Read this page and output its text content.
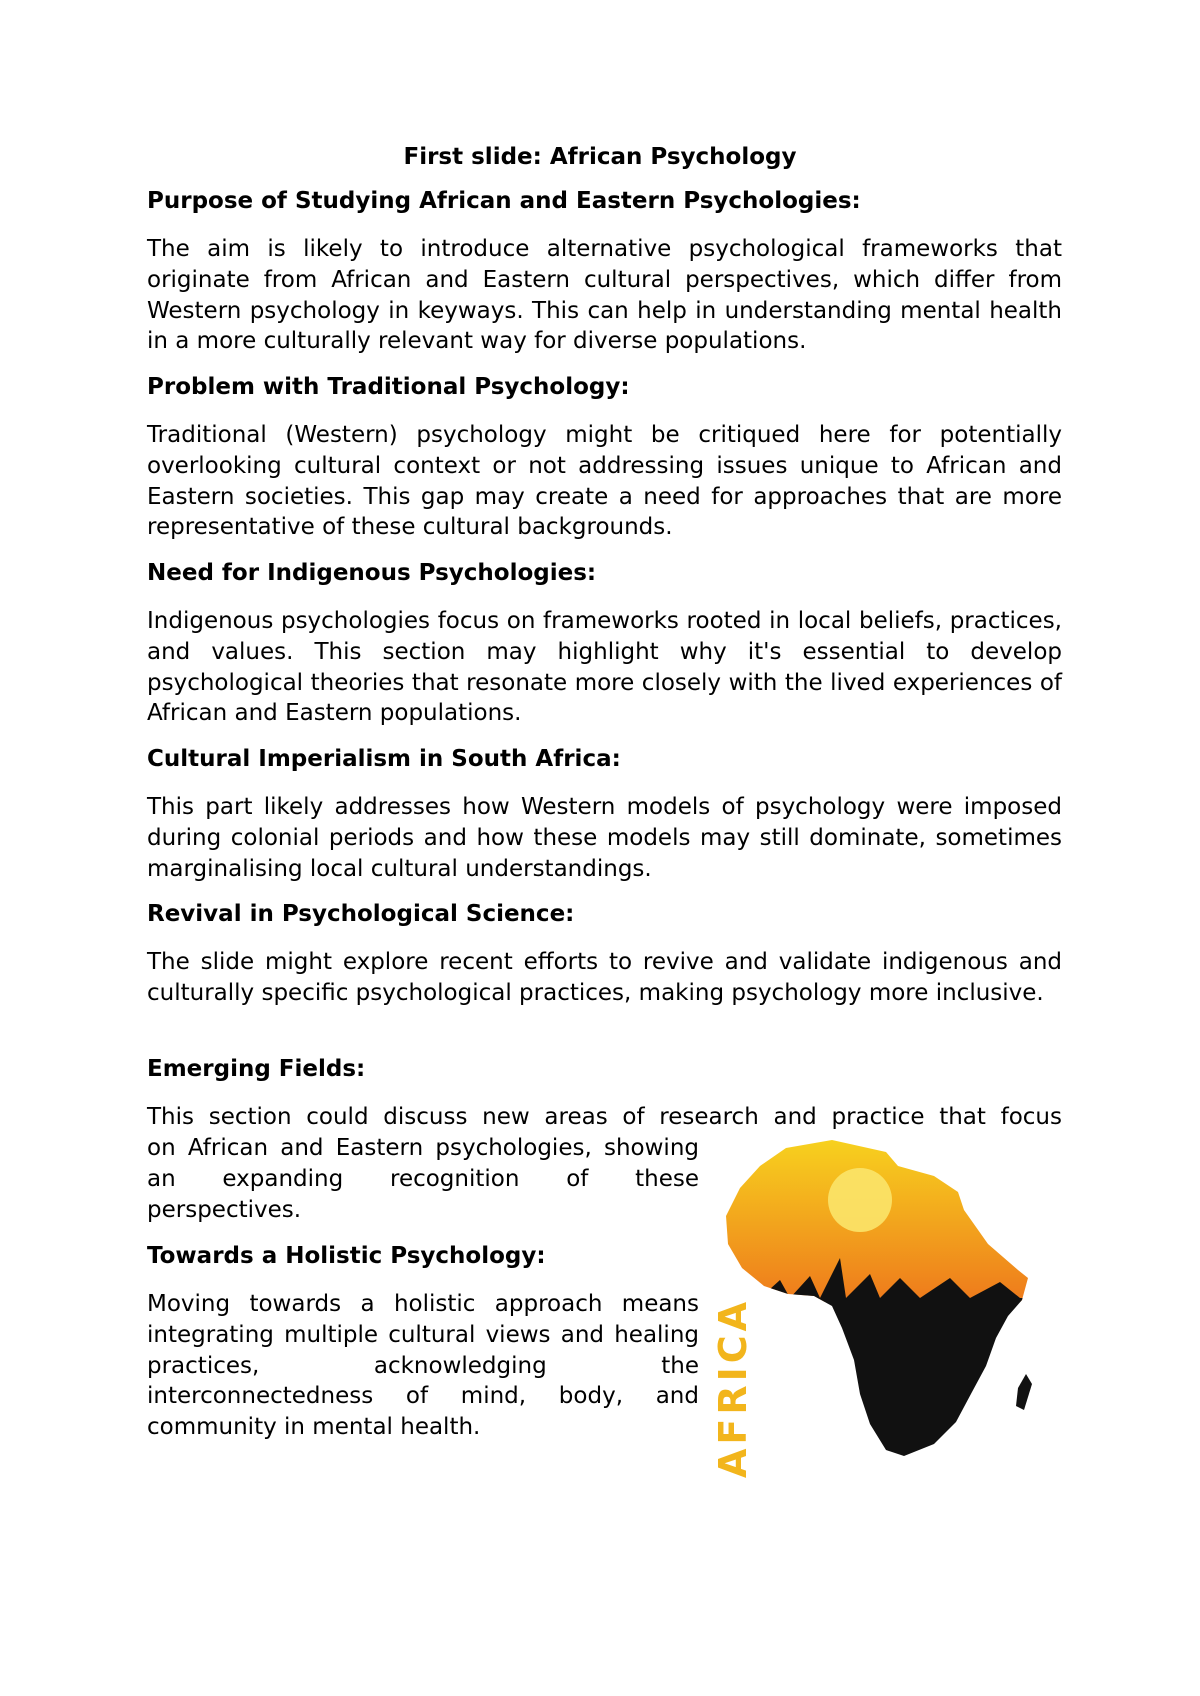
First slide: African Psychology
Purpose of Studying African and Eastern Psychologies:
The aim is likely to introduce alternative psychological frameworks that originate from African and Eastern cultural perspectives, which differ from Western psychology in keyways. This can help in understanding mental health in a more culturally relevant way for diverse populations.
Problem with Traditional Psychology:
Traditional (Western) psychology might be critiqued here for potentially overlooking cultural context or not addressing issues unique to African and Eastern societies. This gap may create a need for approaches that are more representative of these cultural backgrounds.
Need for Indigenous Psychologies:
Indigenous psychologies focus on frameworks rooted in local beliefs, practices, and values. This section may highlight why it's essential to develop psychological theories that resonate more closely with the lived experiences of African and Eastern populations.
Cultural Imperialism in South Africa:
This part likely addresses how Western models of psychology were imposed during colonial periods and how these models may still dominate, sometimes marginalising local cultural understandings.
Revival in Psychological Science:
The slide might explore recent efforts to revive and validate indigenous and culturally specific psychological practices, making psychology more inclusive.
Emerging Fields:
This section could discuss new areas of research and practice that focus
on African and Eastern psychologies, showing an expanding recognition of these perspectives.
Towards a Holistic Psychology:
Moving towards a holistic approach means integrating multiple cultural views and healing practices, acknowledging the interconnectedness of mind, body, and community in mental health.	AFRICA
